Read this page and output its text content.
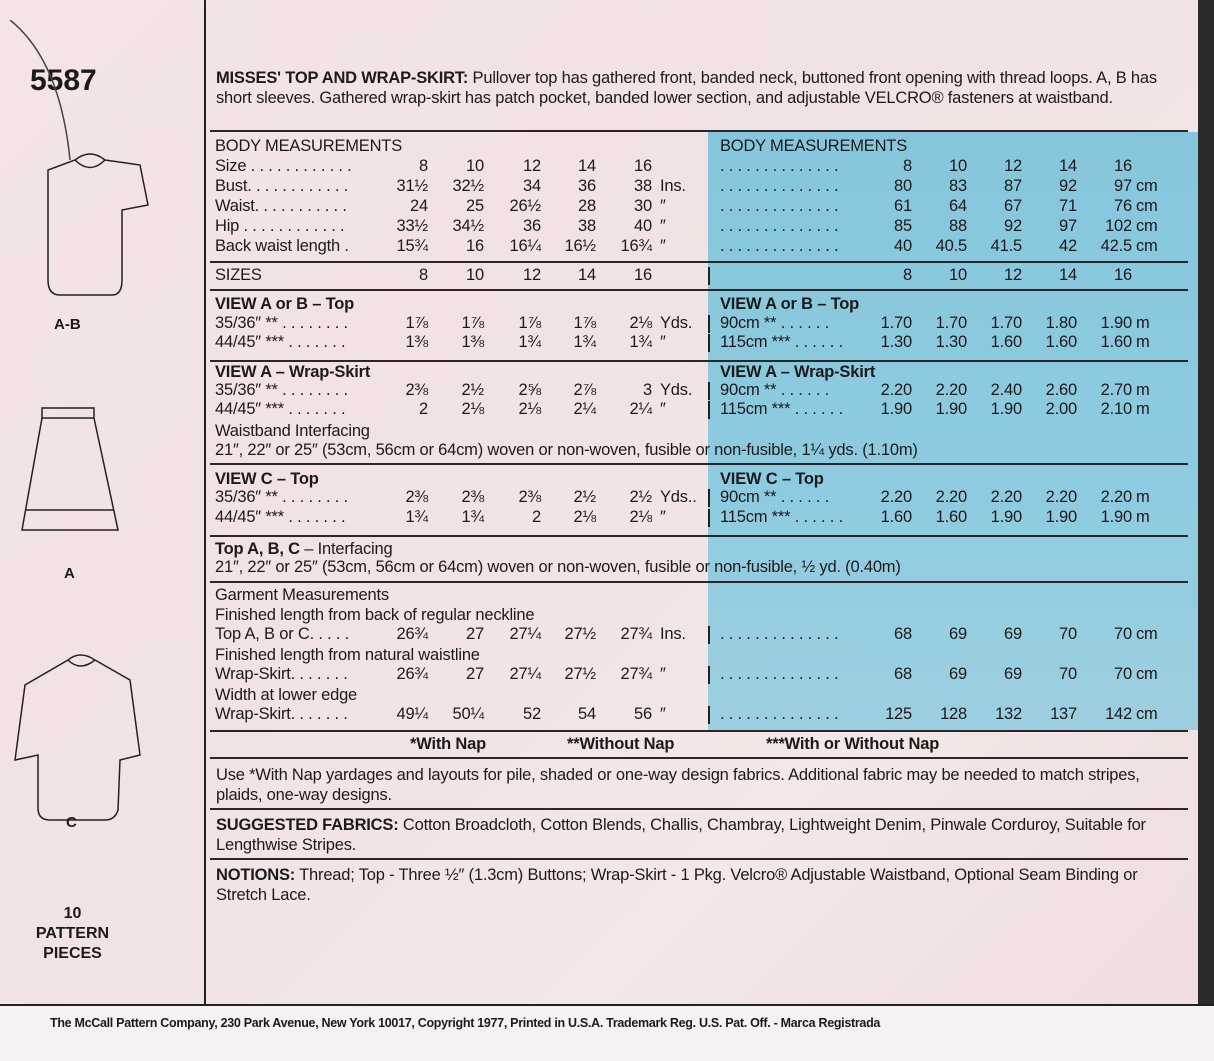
5587
A-B
A
C
10
PATTERN
PIECES
MISSES' TOP AND WRAP-SKIRT: Pullover top has gathered front, banded neck, buttoned front opening with thread loops. A, B has short sleeves. Gathered wrap-skirt has patch pocket, banded lower section, and adjustable VELCRO® fasteners at waistband.
BODY MEASUREMENTS
Size . . . . . . . . . . . .	8	10	12	14	16
Bust. . . . . . . . . . . .	31½	32½	34	36	38 Ins.
Waist. . . . . . . . . . .	24	25	26½	28	30 ″
Hip . . . . . . . . . . . .	33½	34½	36	38	40 ″
Back waist length .	15¾	16	16¼	16½	16¾ ″
SIZES	8	10	12	14	16
VIEW A or B – Top
35/36″ ** . . . . . . . .	1⅞	1⅞	1⅞	1⅞	2⅛ Yds.
44/45″ *** . . . . . . .	1⅜	1⅜	1¾	1¾	1¾ ″
VIEW A – Wrap-Skirt
35/36″ ** . . . . . . . .	2⅜	2½	2⅝	2⅞	3 Yds.
44/45″ *** . . . . . . .	2	2⅛	2⅛	2¼	2¼ ″
Waistband Interfacing
21″, 22″ or 25″ (53cm, 56cm or 64cm) woven or non-woven, fusible or non-fusible, 1¼ yds. (1.10m)
VIEW C – Top
35/36″ ** . . . . . . . .	2⅜	2⅜	2⅜	2½	2½ Yds..
44/45″ *** . . . . . . .	1¾	1¾	2	2⅛	2⅛ ″
Top A, B, C – Interfacing
21″, 22″ or 25″ (53cm, 56cm or 64cm) woven or non-woven, fusible or non-fusible, ½ yd. (0.40m)
Garment Measurements
Finished length from back of regular neckline
Top A, B or C. . . . .	26¾	27	27¼	27½	27¾ Ins.
Finished length from natural waistline
Wrap-Skirt. . . . . . .	26¾	27	27¼	27½	27¾ ″
Width at lower edge
Wrap-Skirt. . . . . . .	49¼	50¼	52	54	56 ″
BODY MEASUREMENTS
. . . . . . . . . . . . . .	8	10	12	14	16
. . . . . . . . . . . . . .	80	83	87	92	97 cm
. . . . . . . . . . . . . .	61	64	67	71	76 cm
. . . . . . . . . . . . . .	85	88	92	97	102 cm
. . . . . . . . . . . . . .	40	40.5	41.5	42	42.5 cm
8	10	12	14	16
VIEW A or B – Top
90cm ** . . . . . .	1.70	1.70	1.70	1.80	1.90 m
115cm *** . . . . . .	1.30	1.30	1.60	1.60	1.60 m
VIEW A – Wrap-Skirt
90cm ** . . . . . .	2.20	2.20	2.40	2.60	2.70 m
115cm *** . . . . . .	1.90	1.90	1.90	2.00	2.10 m
VIEW C – Top
90cm ** . . . . . .	2.20	2.20	2.20	2.20	2.20 m
115cm *** . . . . . .	1.60	1.60	1.90	1.90	1.90 m
. . . . . . . . . . . . . .	68	69	69	70	70 cm
. . . . . . . . . . . . . .	68	69	69	70	70 cm
. . . . . . . . . . . . . .	125	128	132	137	142 cm
*With Nap	**Without Nap	***With or Without Nap
Use *With Nap yardages and layouts for pile, shaded or one-way design fabrics. Additional fabric may be needed to match stripes, plaids, one-way designs.
SUGGESTED FABRICS: Cotton Broadcloth, Cotton Blends, Challis, Chambray, Lightweight Denim, Pinwale Corduroy, Suitable for Lengthwise Stripes.
NOTIONS: Thread; Top - Three ½″ (1.3cm) Buttons; Wrap-Skirt - 1 Pkg. Velcro® Adjustable Waistband, Optional Seam Binding or Stretch Lace.
The McCall Pattern Company, 230 Park Avenue, New York 10017, Copyright 1977, Printed in U.S.A. Trademark Reg. U.S. Pat. Off. - Marca Registrada
